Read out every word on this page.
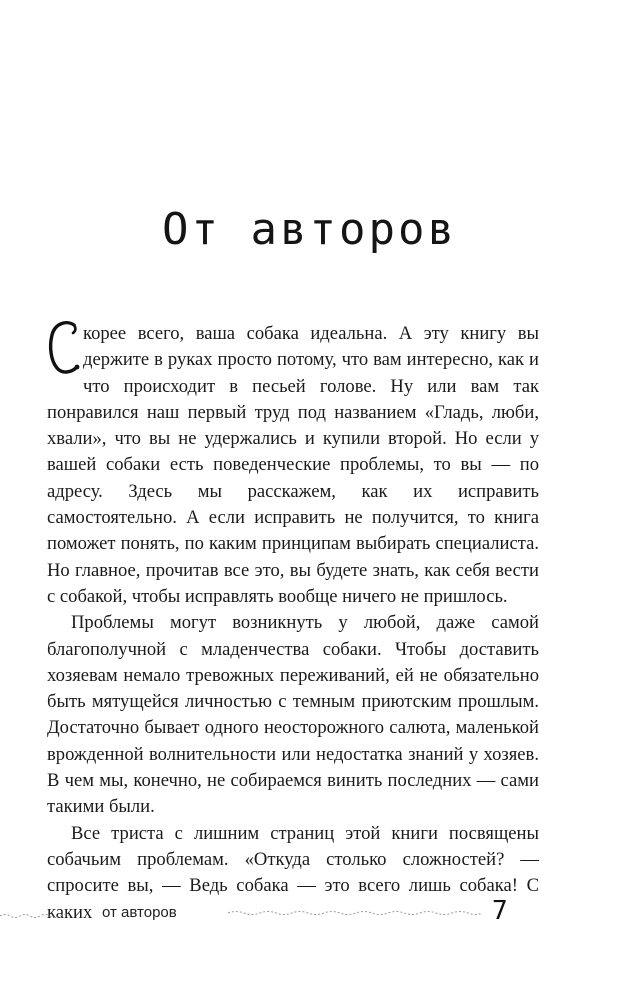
От авторов

корее всего, ваша собака идеальна. А эту книгу вы держите в руках просто потому, что вам интересно, как и что происходит в песьей голове. Ну или вам так понравился наш первый труд под названием «Гладь, люби, хвали», что вы не удержались и купили второй. Но если у вашей собаки есть поведенческие проблемы, то вы — по адресу. Здесь мы расскажем, как их исправить самостоятельно. А если исправить не получится, то книга поможет понять, по каким принципам выбирать специалиста. Но главное, прочитав все это, вы будете знать, как себя вести с собакой, чтобы исправлять вообще ничего не пришлось.

Проблемы могут возникнуть у любой, даже самой благополучной с младенчества собаки. Чтобы доставить хозяевам немало тревожных переживаний, ей не обязательно быть мятущейся личностью с темным приютским прошлым. Достаточно бывает одного неосторожного салюта, маленькой врожденной волнительности или недостатка знаний у хозяев. В чем мы, конечно, не собираемся винить последних — сами такими были.

Все триста с лишним страниц этой книги посвящены собачьим проблемам. «Откуда столько сложностей? — спросите вы, — Ведь собака — это всего лишь собака! С каких от авторов	7
